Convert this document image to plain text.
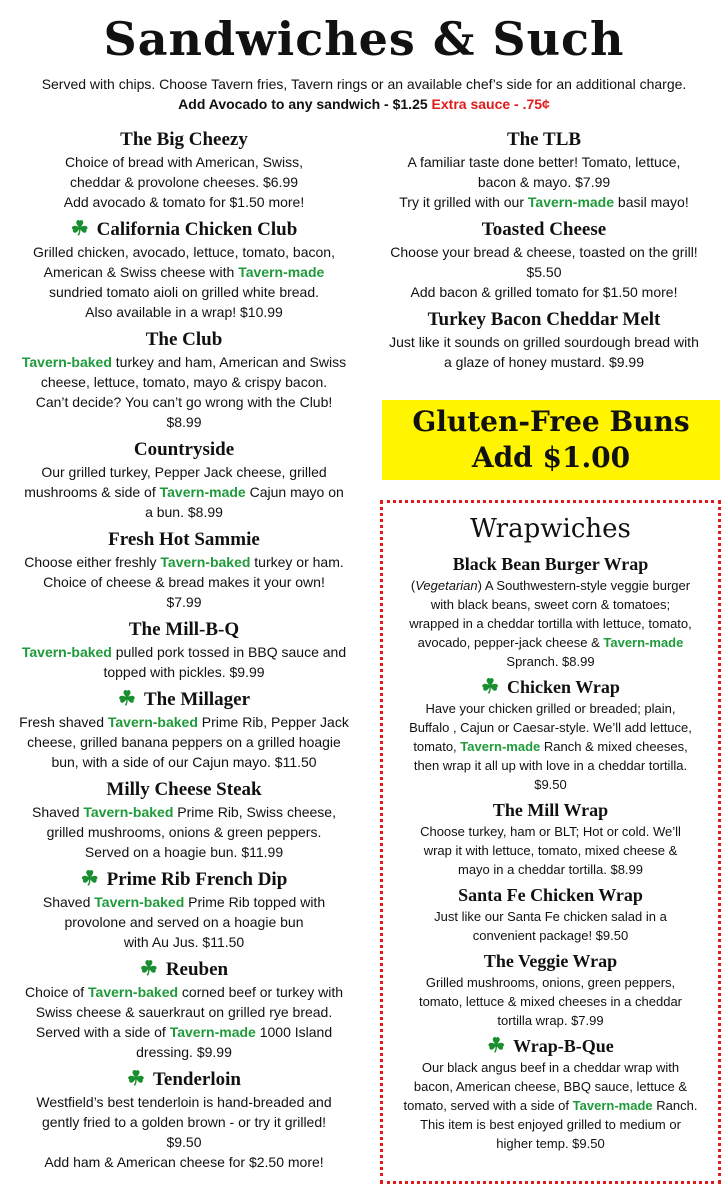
Sandwiches & Such
Served with chips. Choose Tavern fries, Tavern rings or an available chef’s side for an additional charge.
Add Avocado to any sandwich - $1.25 Extra sauce - .75¢
The Big Cheezy
Choice of bread with American, Swiss,
cheddar & provolone cheeses. $6.99
Add avocado & tomato for $1.50 more!
☘ California Chicken Club
Grilled chicken, avocado, lettuce, tomato, bacon,
American & Swiss cheese with Tavern-made
sundried tomato aioli on grilled white bread.
Also available in a wrap! $10.99
The Club
Tavern-baked turkey and ham, American and Swiss
cheese, lettuce, tomato, mayo & crispy bacon.
Can’t decide? You can’t go wrong with the Club!
$8.99
Countryside
Our grilled turkey, Pepper Jack cheese, grilled
mushrooms & side of Tavern-made Cajun mayo on
a bun. $8.99
Fresh Hot Sammie
Choose either freshly Tavern-baked turkey or ham.
Choice of cheese & bread makes it your own!
$7.99
The Mill-B-Q
Tavern-baked pulled pork tossed in BBQ sauce and
topped with pickles. $9.99
☘ The Millager
Fresh shaved Tavern-baked Prime Rib, Pepper Jack
cheese, grilled banana peppers on a grilled hoagie
bun, with a side of our Cajun mayo. $11.50
Milly Cheese Steak
Shaved Tavern-baked Prime Rib, Swiss cheese,
grilled mushrooms, onions & green peppers.
Served on a hoagie bun. $11.99
☘ Prime Rib French Dip
Shaved Tavern-baked Prime Rib topped with
provolone and served on a hoagie bun
with Au Jus. $11.50
☘ Reuben
Choice of Tavern-baked corned beef or turkey with
Swiss cheese & sauerkraut on grilled rye bread.
Served with a side of Tavern-made 1000 Island
dressing. $9.99
☘ Tenderloin
Westfield’s best tenderloin is hand-breaded and
gently fried to a golden brown - or try it grilled!
$9.50
Add ham & American cheese for $2.50 more!
The TLB
A familiar taste done better! Tomato, lettuce,
bacon & mayo. $7.99
Try it grilled with our Tavern-made basil mayo!
Toasted Cheese
Choose your bread & cheese, toasted on the grill!
$5.50
Add bacon & grilled tomato for $1.50 more!
Turkey Bacon Cheddar Melt
Just like it sounds on grilled sourdough bread with
a glaze of honey mustard. $9.99
Gluten-Free Buns
Add $1.00
Wrapwiches
Black Bean Burger Wrap
(Vegetarian) A Southwestern-style veggie burger
with black beans, sweet corn & tomatoes;
wrapped in a cheddar tortilla with lettuce, tomato,
avocado, pepper-jack cheese & Tavern-made
Spranch. $8.99
☘ Chicken Wrap
Have your chicken grilled or breaded; plain,
Buffalo , Cajun or Caesar-style. We’ll add lettuce,
tomato, Tavern-made Ranch & mixed cheeses,
then wrap it all up with love in a cheddar tortilla.
$9.50
The Mill Wrap
Choose turkey, ham or BLT; Hot or cold. We’ll
wrap it with lettuce, tomato, mixed cheese &
mayo in a cheddar tortilla. $8.99
Santa Fe Chicken Wrap
Just like our Santa Fe chicken salad in a
convenient package! $9.50
The Veggie Wrap
Grilled mushrooms, onions, green peppers,
tomato, lettuce & mixed cheeses in a cheddar
tortilla wrap. $7.99
☘ Wrap-B-Que
Our black angus beef in a cheddar wrap with
bacon, American cheese, BBQ sauce, lettuce &
tomato, served with a side of Tavern-made Ranch.
This item is best enjoyed grilled to medium or
higher temp. $9.50
